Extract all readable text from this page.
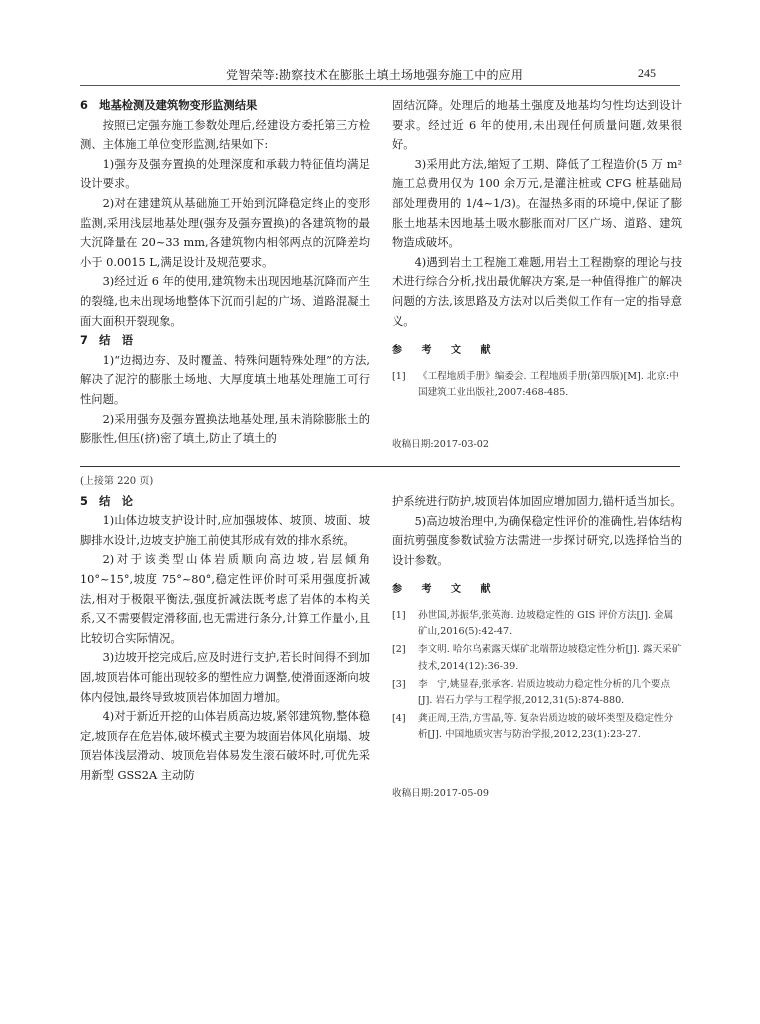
党智荣等:勘察技术在膨胀土填土场地强夯施工中的应用	245

6　地基检测及建筑物变形监测结果

按照已定强夯施工参数处理后,经建设方委托第三方检测、主体施工单位变形监测,结果如下:

1)强夯及强夯置换的处理深度和承载力特征值均满足设计要求。

2)对在建建筑从基础施工开始到沉降稳定终止的变形监测,采用浅层地基处理(强夯及强夯置换)的各建筑物的最大沉降量在 20~33 mm,各建筑物内相邻两点的沉降差均小于 0.0015 L,满足设计及规范要求。

3)经过近 6 年的使用,建筑物未出现因地基沉降而产生的裂缝,也未出现场地整体下沉而引起的广场、道路混凝土面大面积开裂现象。

7　结　语

1)“边揭边夯、及时覆盖、特殊问题特殊处理”的方法,解决了泥泞的膨胀土场地、大厚度填土地基处理施工可行性问题。

2)采用强夯及强夯置换法地基处理,虽未消除膨胀土的膨胀性,但压(挤)密了填土,防止了填土的

固结沉降。处理后的地基土强度及地基均匀性均达到设计要求。经过近 6 年的使用,未出现任何质量问题,效果很好。

3)采用此方法,缩短了工期、降低了工程造价(5 万 m² 施工总费用仅为 100 余万元,是灌注桩或 CFG 桩基础局部处理费用的 1/4~1/3)。在湿热多雨的环境中,保证了膨胀土地基未因地基土吸水膨胀而对厂区广场、道路、建筑物造成破坏。

4)遇到岩土工程施工难题,用岩土工程勘察的理论与技术进行综合分析,找出最优解决方案,是一种值得推广的解决问题的方法,该思路及方法对以后类似工作有一定的指导意义。

参 考 文 献

[1] 《工程地质手册》编委会. 工程地质手册(第四版)[M]. 北京:中国建筑工业出版社,2007:468-485.

收稿日期:2017-03-02

(上接第 220 页)

5　结　论

1)山体边坡支护设计时,应加强坡体、坡顶、坡面、坡脚排水设计,边坡支护施工前使其形成有效的排水系统。

2)对于该类型山体岩质顺向高边坡,岩层倾角 10°~15°,坡度 75°~80°,稳定性评价时可采用强度折减法,相对于极限平衡法,强度折减法既考虑了岩体的本构关系,又不需要假定滑移面,也无需进行条分,计算工作量小,且比较切合实际情况。

3)边坡开挖完成后,应及时进行支护,若长时间得不到加固,坡顶岩体可能出现较多的塑性应力调整,使滑面逐渐向坡体内侵蚀,最终导致坡顶岩体加固力增加。

4)对于新近开挖的山体岩质高边坡,紧邻建筑物,整体稳定,坡顶存在危岩体,破坏模式主要为坡面岩体风化崩塌、坡顶岩体浅层滑动、坡顶危岩体易发生滚石破坏时,可优先采用新型 GSS2A 主动防

护系统进行防护,坡顶岩体加固应增加固力,锚杆适当加长。

5)高边坡治理中,为确保稳定性评价的准确性,岩体结构面抗剪强度参数试验方法需进一步探讨研究,以选择恰当的设计参数。

参 考 文 献

[1] 孙世国,苏振华,张英海. 边坡稳定性的 GIS 评价方法[J]. 金属矿山,2016(5):42-47.
[2] 李文明. 哈尔乌素露天煤矿北端帮边坡稳定性分析[J]. 露天采矿技术,2014(12):36-39.
[3] 李　宁,姚显春,张承客. 岩质边坡动力稳定性分析的几个要点[J]. 岩石力学与工程学报,2012,31(5):874-880.
[4] 龚正周,王浩,方雪晶,等. 复杂岩质边坡的破坏类型及稳定性分析[J]. 中国地质灾害与防治学报,2012,23(1):23-27.

收稿日期:2017-05-09
